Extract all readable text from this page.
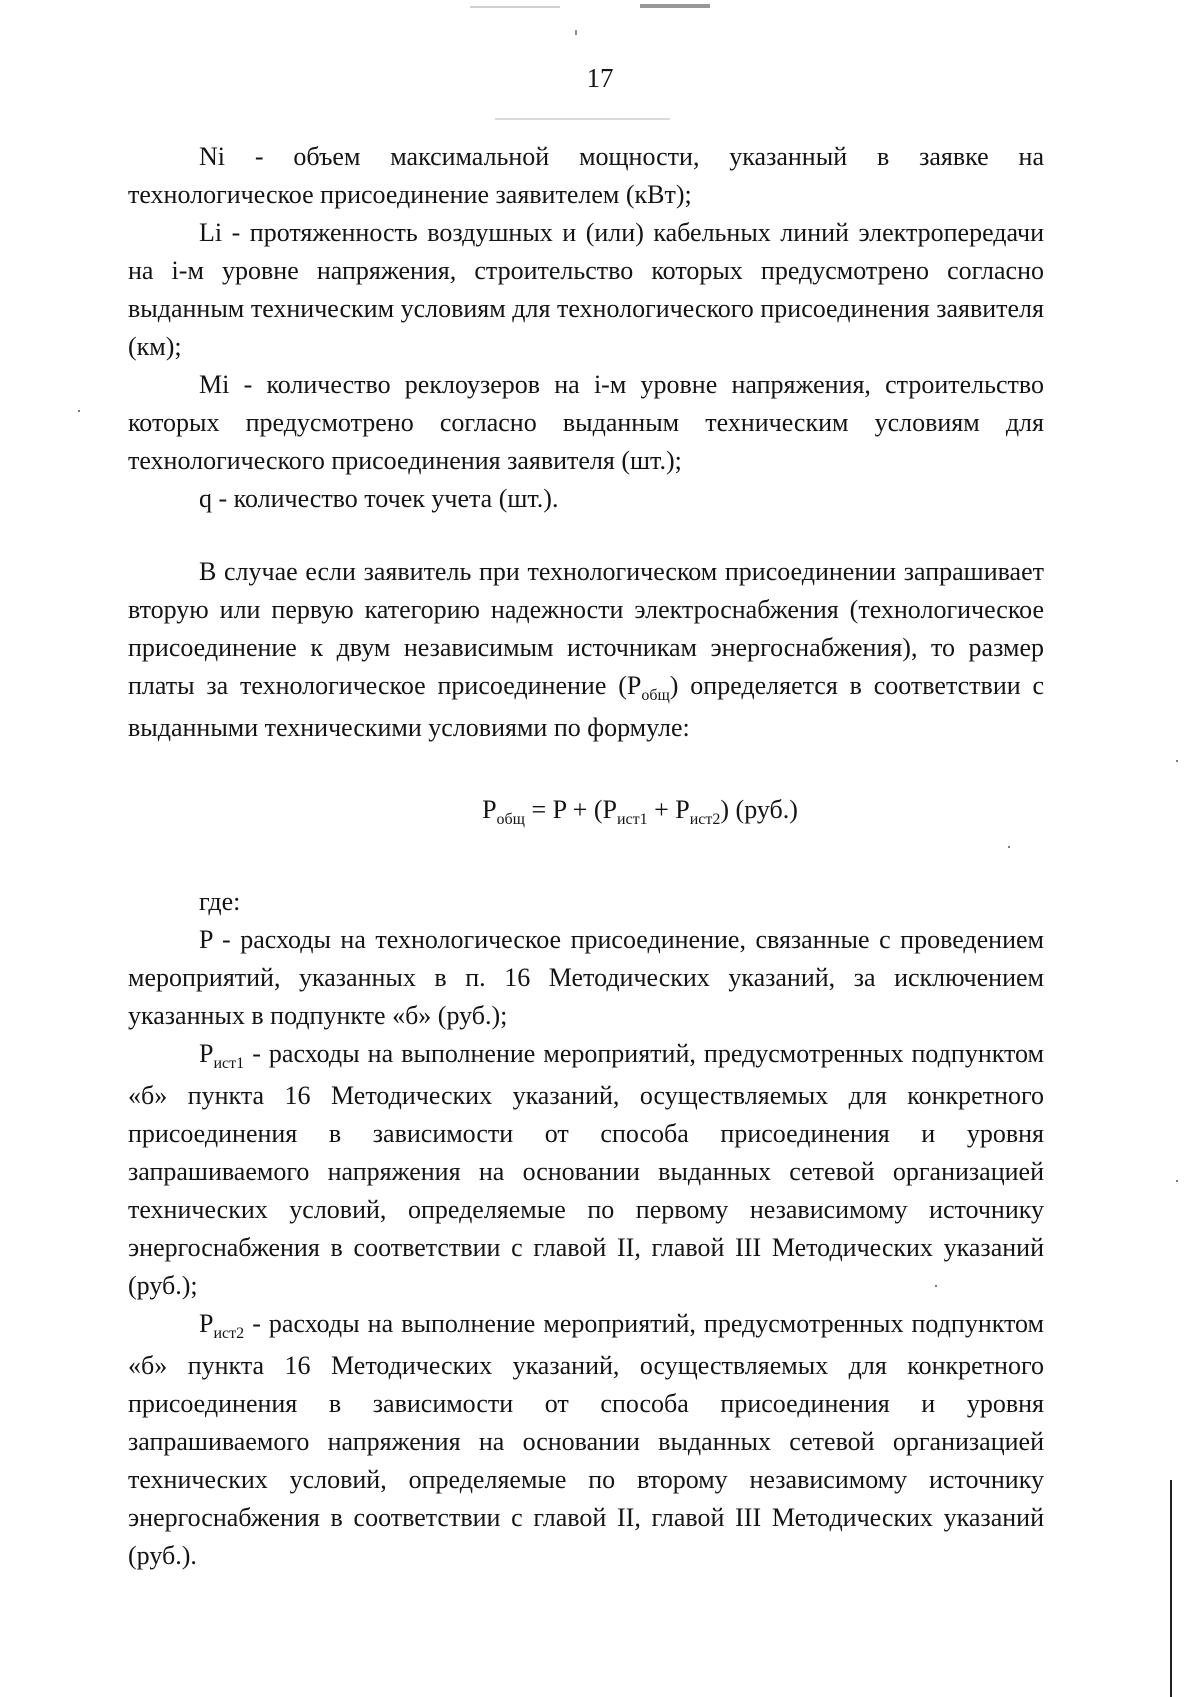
17

Ni - объем максимальной мощности, указанный в заявке на технологическое присоединение заявителем (кВт);

Li - протяженность воздушных и (или) кабельных линий электропередачи на i-м уровне напряжения, строительство которых предусмотрено согласно выданным техническим условиям для технологического присоединения заявителя (км);

Mi - количество реклоузеров на i-м уровне напряжения, строительство которых предусмотрено согласно выданным техническим условиям для технологического присоединения заявителя (шт.);

q - количество точек учета (шт.).

В случае если заявитель при технологическом присоединении запрашивает вторую или первую категорию надежности электроснабжения (технологическое присоединение к двум независимым источникам энергоснабжения), то размер платы за технологическое присоединение $(P_{общ})$ определяется в соответствии с выданными техническими условиями по формуле:

$P_{общ} = P + (P_{ист1} + P_{ист2})$ (руб.)

где:

P - расходы на технологическое присоединение, связанные с проведением мероприятий, указанных в п. 16 Методических указаний, за исключением указанных в подпункте «б» (руб.);

$P_{ист1}$ - расходы на выполнение мероприятий, предусмотренных подпунктом «б» пункта 16 Методических указаний, осуществляемых для конкретного присоединения в зависимости от способа присоединения и уровня запрашиваемого напряжения на основании выданных сетевой организацией технических условий, определяемые по первому независимому источнику энергоснабжения в соответствии с главой II, главой III Методических указаний (руб.);

$P_{ист2}$ - расходы на выполнение мероприятий, предусмотренных подпунктом «б» пункта 16 Методических указаний, осуществляемых для конкретного присоединения в зависимости от способа присоединения и уровня запрашиваемого напряжения на основании выданных сетевой организацией технических условий, определяемые по второму независимому источнику энергоснабжения в соответствии с главой II, главой III Методических указаний (руб.).
